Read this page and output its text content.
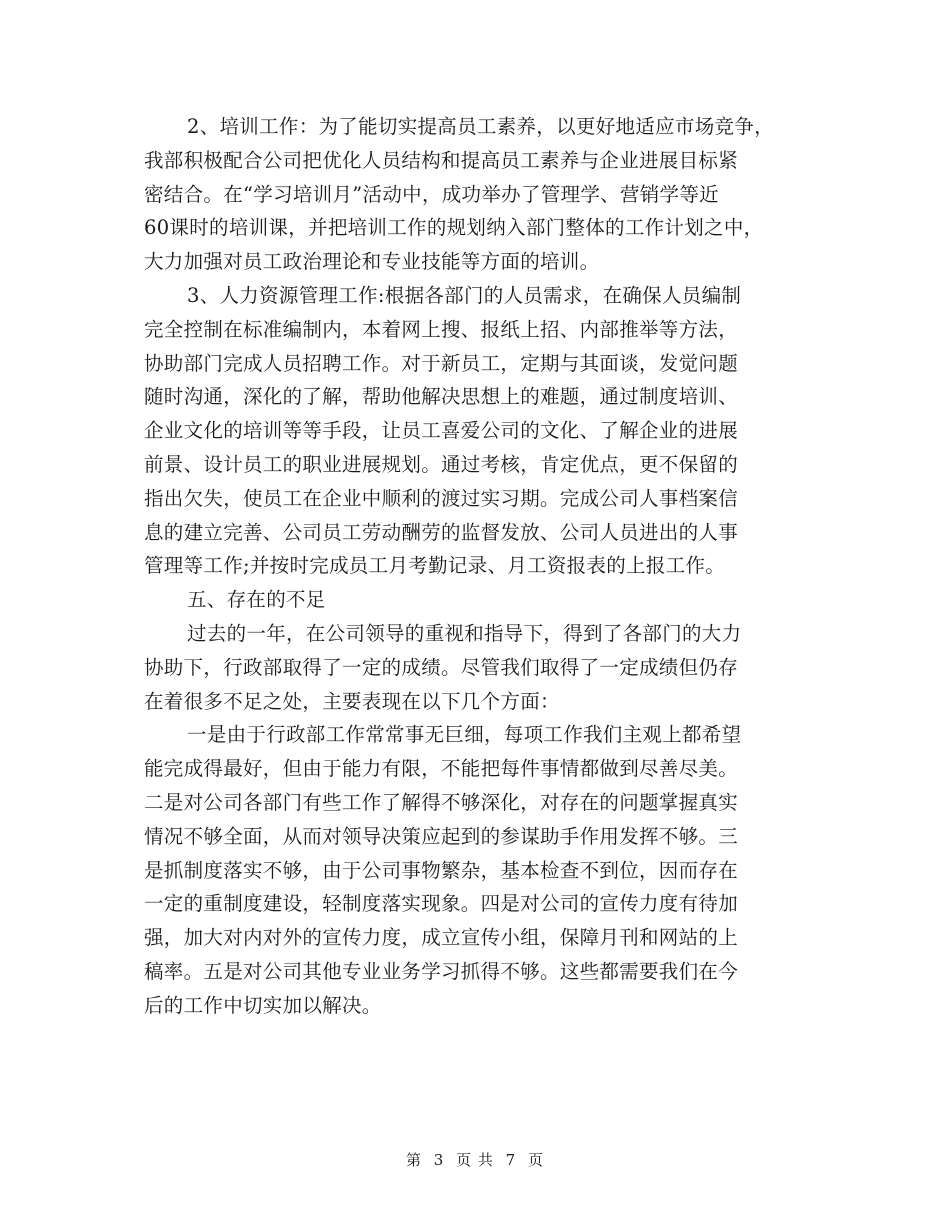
2、培训工作：为了能切实提高员工素养，以更好地适应市场竞争，
我部积极配合公司把优化人员结构和提高员工素养与企业进展目标紧
密结合。在“学习培训月”活动中，成功举办了管理学、营销学等近
60课时的培训课，并把培训工作的规划纳入部门整体的工作计划之中，
大力加强对员工政治理论和专业技能等方面的培训。
3、人力资源管理工作:根据各部门的人员需求，在确保人员编制
完全控制在标准编制内，本着网上搜、报纸上招、内部推举等方法，
协助部门完成人员招聘工作。对于新员工，定期与其面谈，发觉问题
随时沟通，深化的了解，帮助他解决思想上的难题，通过制度培训、
企业文化的培训等等手段，让员工喜爱公司的文化、了解企业的进展
前景、设计员工的职业进展规划。通过考核，肯定优点，更不保留的
指出欠失，使员工在企业中顺利的渡过实习期。完成公司人事档案信
息的建立完善、公司员工劳动酬劳的监督发放、公司人员进出的人事
管理等工作;并按时完成员工月考勤记录、月工资报表的上报工作。
五、存在的不足
过去的一年，在公司领导的重视和指导下，得到了各部门的大力
协助下，行政部取得了一定的成绩。尽管我们取得了一定成绩但仍存
在着很多不足之处，主要表现在以下几个方面：
一是由于行政部工作常常事无巨细，每项工作我们主观上都希望
能完成得最好，但由于能力有限，不能把每件事情都做到尽善尽美。
二是对公司各部门有些工作了解得不够深化，对存在的问题掌握真实
情况不够全面，从而对领导决策应起到的参谋助手作用发挥不够。三
是抓制度落实不够，由于公司事物繁杂，基本检查不到位，因而存在
一定的重制度建设，轻制度落实现象。四是对公司的宣传力度有待加
强，加大对内对外的宣传力度，成立宣传小组，保障月刊和网站的上
稿率。五是对公司其他专业业务学习抓得不够。这些都需要我们在今
后的工作中切实加以解决。
第 3 页 共 7 页
